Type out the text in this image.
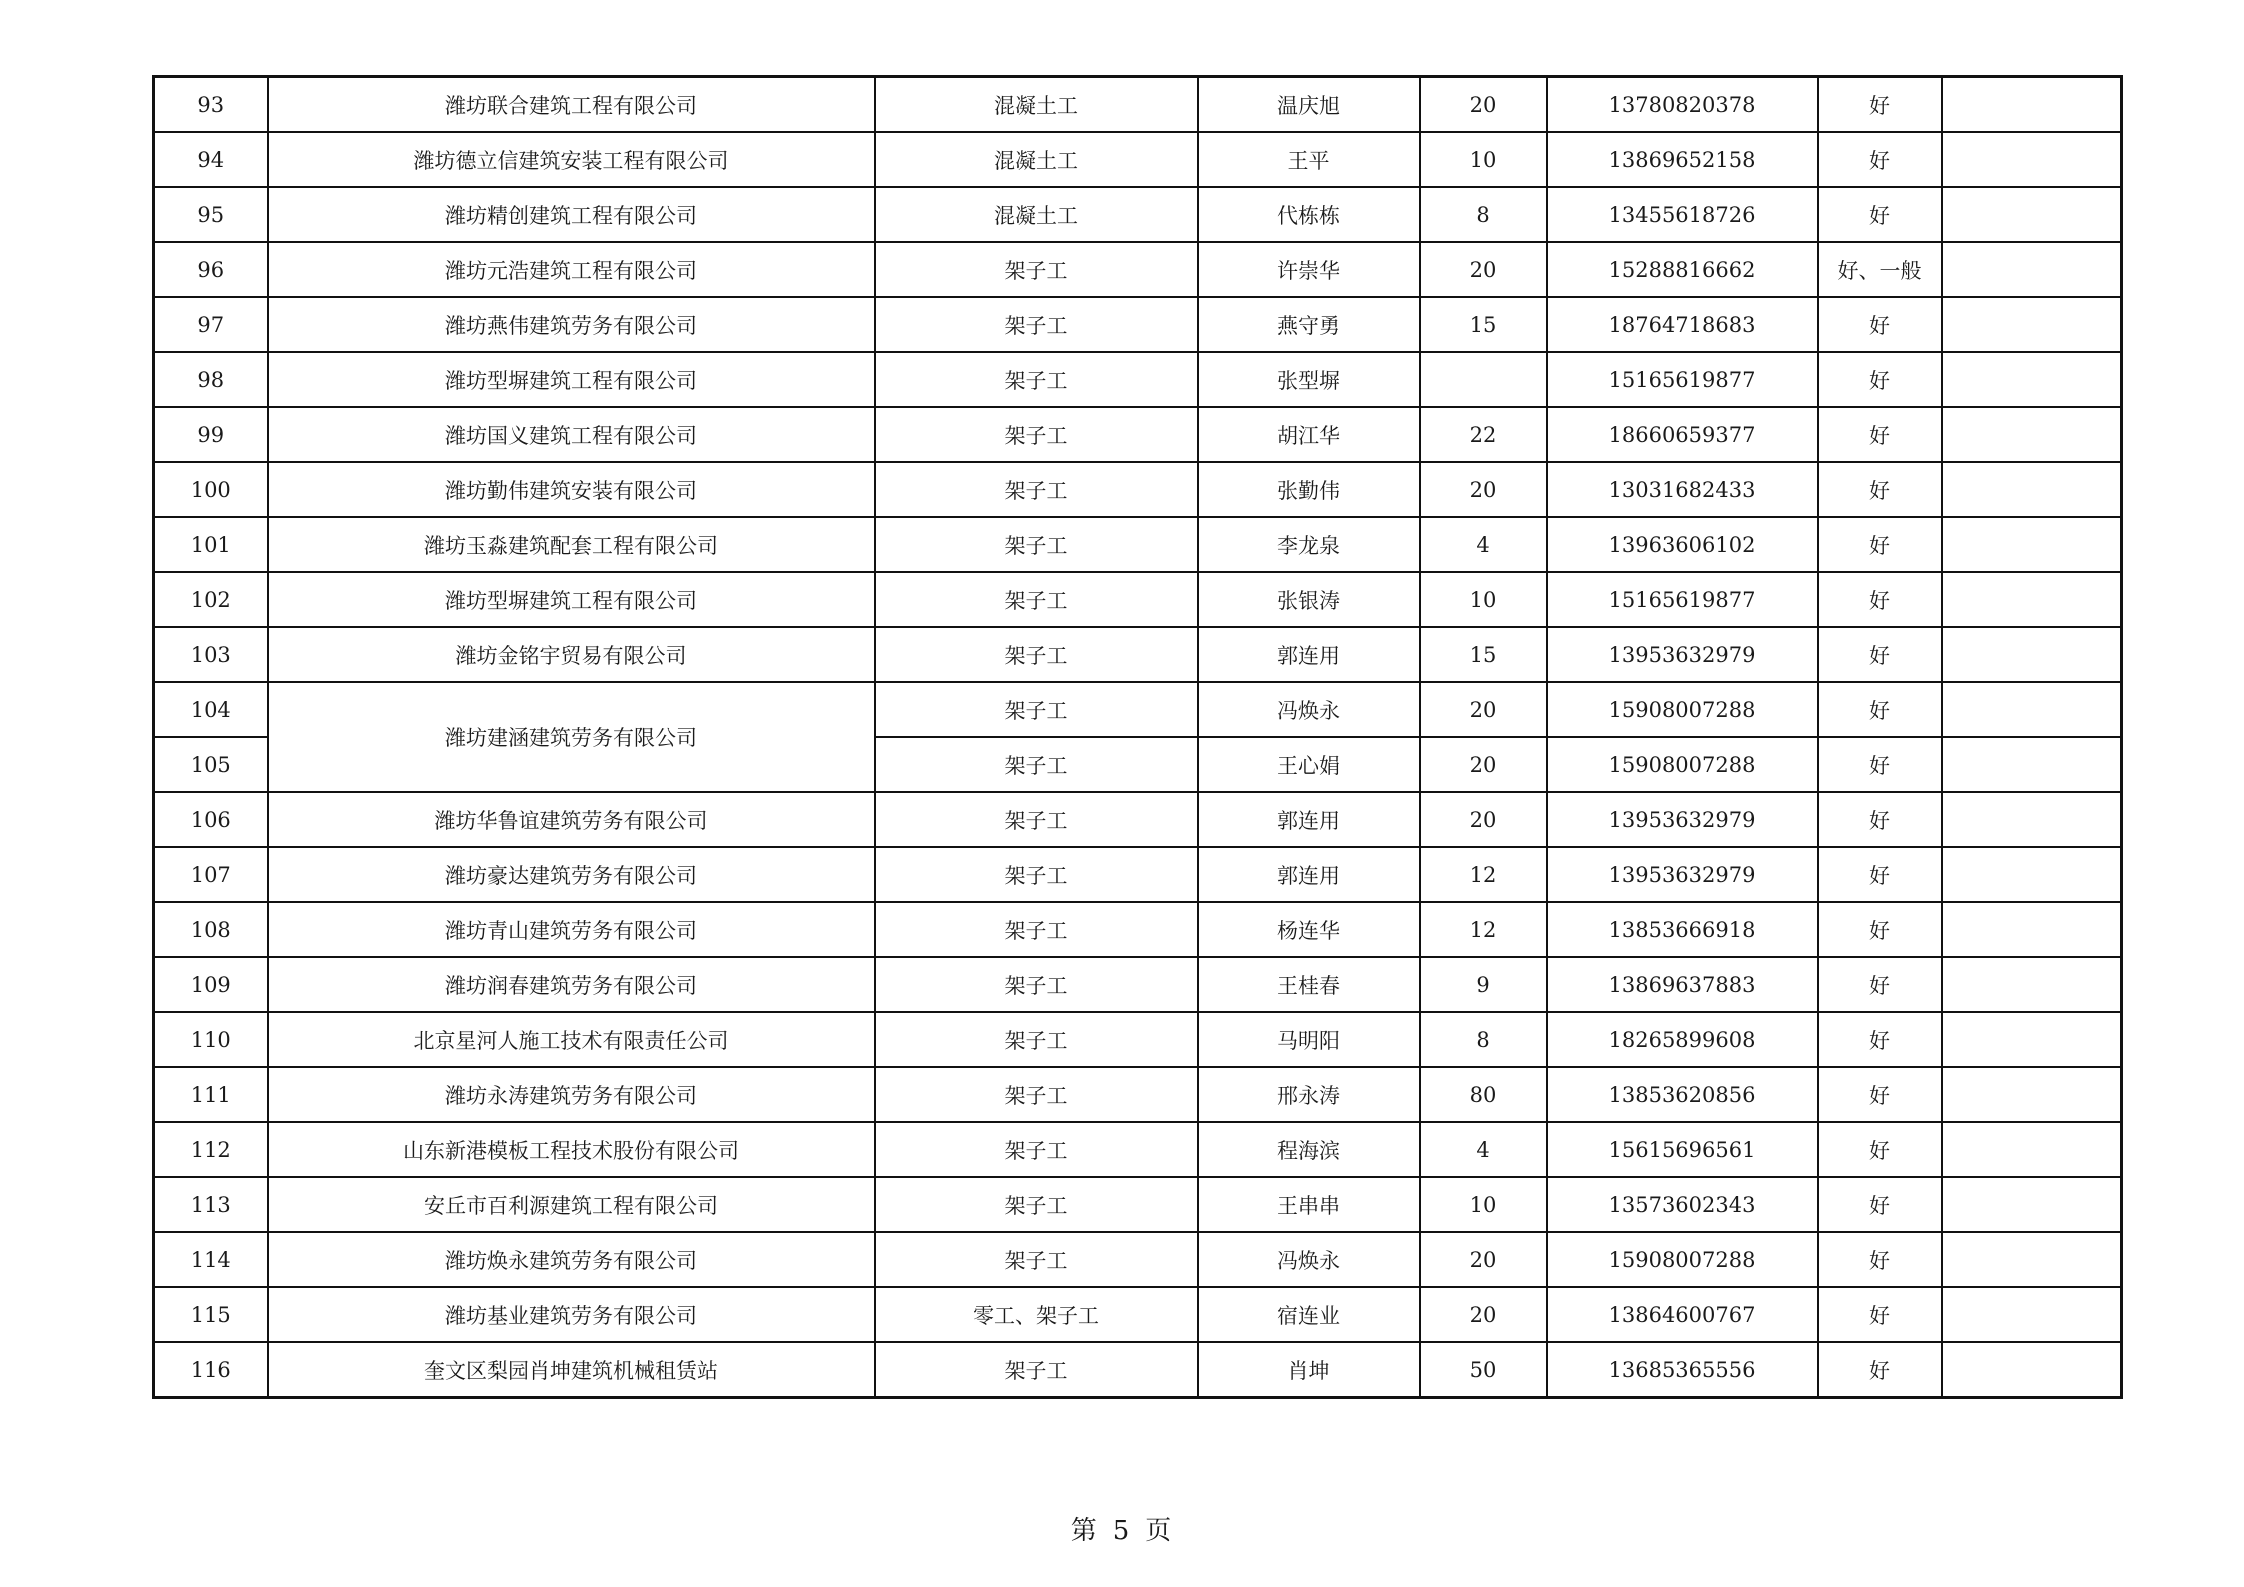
93	潍坊联合建筑工程有限公司	混凝土工	温庆旭	20	13780820378	好	
94	潍坊德立信建筑安装工程有限公司	混凝土工	王平	10	13869652158	好	
95	潍坊精创建筑工程有限公司	混凝土工	代栋栋	8	13455618726	好	
96	潍坊元浩建筑工程有限公司	架子工	许崇华	20	15288816662	好、一般	
97	潍坊燕伟建筑劳务有限公司	架子工	燕守勇	15	18764718683	好	
98	潍坊型塀建筑工程有限公司	架子工	张型塀		15165619877	好	
99	潍坊国义建筑工程有限公司	架子工	胡江华	22	18660659377	好	
100	潍坊勤伟建筑安装有限公司	架子工	张勤伟	20	13031682433	好	
101	潍坊玉淼建筑配套工程有限公司	架子工	李龙泉	4	13963606102	好	
102	潍坊型塀建筑工程有限公司	架子工	张银涛	10	15165619877	好	
103	潍坊金铭宇贸易有限公司	架子工	郭连用	15	13953632979	好	
104	潍坊建涵建筑劳务有限公司	架子工	冯焕永	20	15908007288	好	
105		架子工	王心娟	20	15908007288	好	
106	潍坊华鲁谊建筑劳务有限公司	架子工	郭连用	20	13953632979	好	
107	潍坊豪达建筑劳务有限公司	架子工	郭连用	12	13953632979	好	
108	潍坊青山建筑劳务有限公司	架子工	杨连华	12	13853666918	好	
109	潍坊润春建筑劳务有限公司	架子工	王桂春	9	13869637883	好	
110	北京星河人施工技术有限责任公司	架子工	马明阳	8	18265899608	好	
111	潍坊永涛建筑劳务有限公司	架子工	邢永涛	80	13853620856	好	
112	山东新港模板工程技术股份有限公司	架子工	程海滨	4	15615696561	好	
113	安丘市百利源建筑工程有限公司	架子工	王串串	10	13573602343	好	
114	潍坊焕永建筑劳务有限公司	架子工	冯焕永	20	15908007288	好	
115	潍坊基业建筑劳务有限公司	零工、架子工	宿连业	20	13864600767	好	
116	奎文区梨园肖坤建筑机械租赁站	架子工	肖坤	50	13685365556	好	
第 5 页
